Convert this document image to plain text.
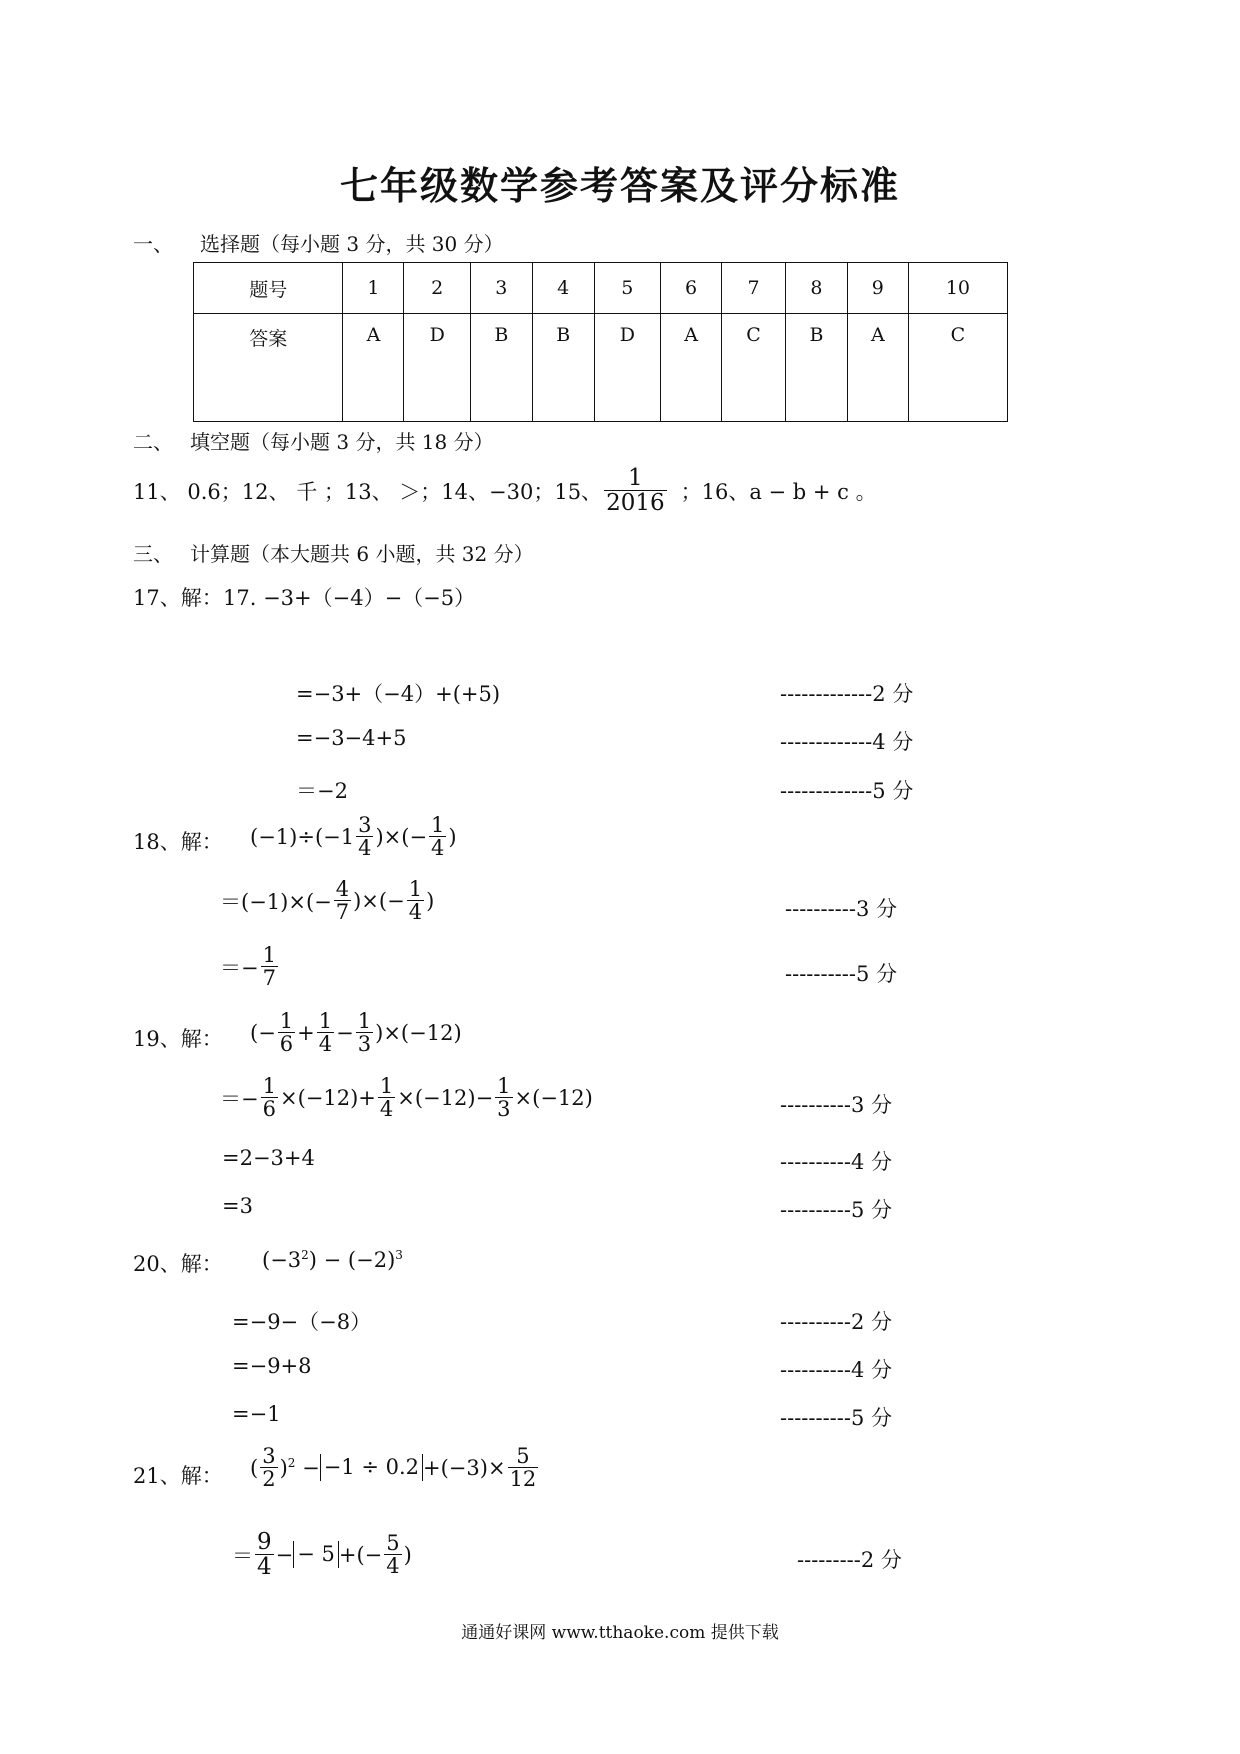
七年级数学参考答案及评分标准
一、 选择题（每小题 3 分，共 30 分）
题号	1	2	3	4	5	6	7	8	9	10
答案	A	D	B	B	D	A	C	B	A	C
二、 填空题（每小题 3 分，共 18 分）
11、 0.6； 12、 千 ； 13、 ＞； 14、−30； 15、 $\frac{1}{2016}$ ；16、a − b + c 。
三、 计算题（本大题共 6 小题，共 32 分）
17、解： 17. −3+（−4）−（−5）
=−3+（−4）+(+5)	-------------2 分
=−3−4+5	-------------4 分
＝−2	-------------5 分
18、解： $(-1)\div(-1 \frac{3}{4}$ )×(− $\frac{1}{4}$ )
$=(-1)\times(- \frac{4}{7}$ )×(− $\frac{1}{4}$ )	----------3 分
＝− $\frac{1}{7}$	----------5 分
19、解： (− $\frac{1}{6} + \frac{1}{4} - \frac{1}{3} )\times(-12)$
＝− $\frac{1}{6} \times(-12)+ \frac{1}{4} \times(-12)- \frac{1}{3} \times(-12)$	----------3 分
=2−3+4	----------4 分
=3	----------5 分
20、解： $(-3^2) - (-2)^3$
=−9−（−8）	----------2 分
=−9+8	----------4 分
=−1	----------5 分
21、解： ( $\frac{3}{2} )^2 - -1 \div 0.2 +(-3)\times \frac{5}{12}$
＝ $\frac{9}{4}$ − − 5 +(− $\frac{5}{4}$ )	---------2 分
通通好课网 www.tthaoke.com 提供下载
